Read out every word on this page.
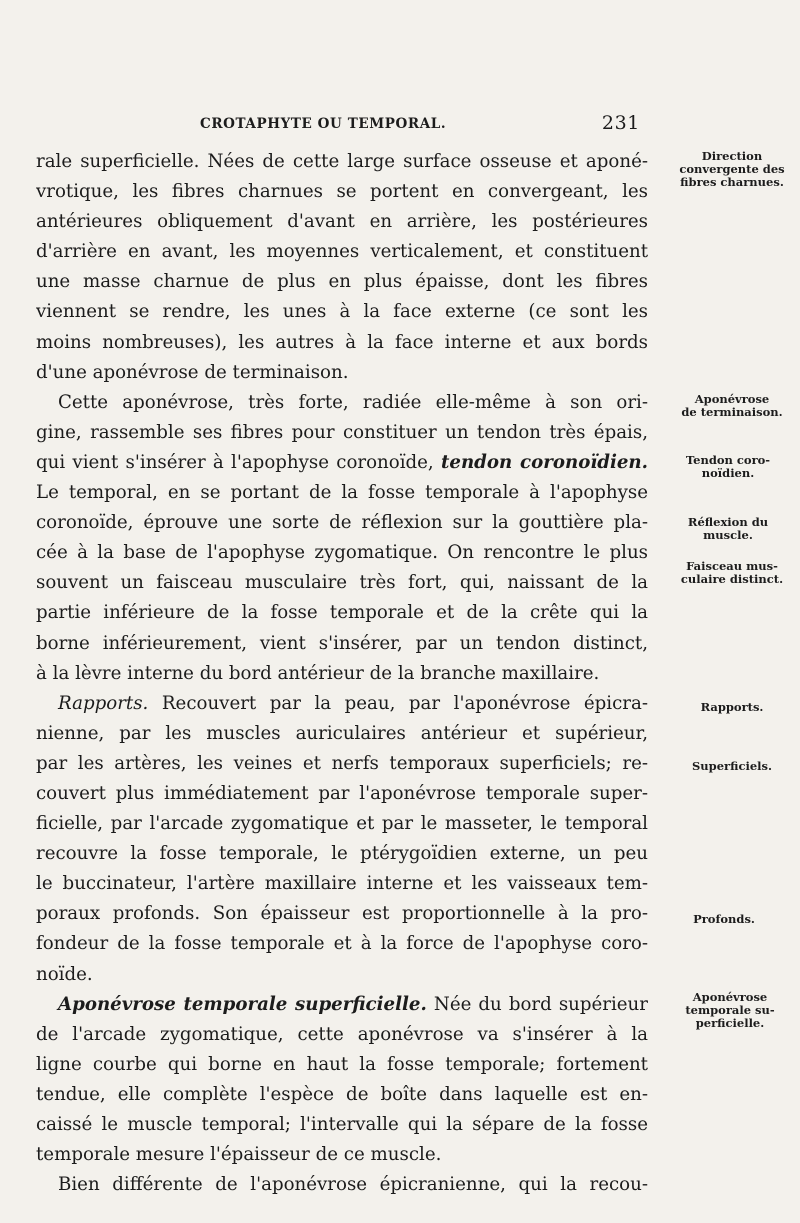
CROTAPHYTE OU TEMPORAL.	231
rale superficielle. Nées de cette large surface osseuse et aponé-
vrotique, les fibres charnues se portent en convergeant, les
antérieures obliquement d'avant en arrière, les postérieures
d'arrière en avant, les moyennes verticalement, et constituent
une masse charnue de plus en plus épaisse, dont les fibres
viennent se rendre, les unes à la face externe (ce sont les
moins nombreuses), les autres à la face interne et aux bords
d'une aponévrose de terminaison.
Cette aponévrose, très forte, radiée elle-même à son ori-
gine, rassemble ses fibres pour constituer un tendon très épais,
qui vient s'insérer à l'apophyse coronoïde, tendon coronoïdien.
Le temporal, en se portant de la fosse temporale à l'apophyse
coronoïde, éprouve une sorte de réflexion sur la gouttière pla-
cée à la base de l'apophyse zygomatique. On rencontre le plus
souvent un faisceau musculaire très fort, qui, naissant de la
partie inférieure de la fosse temporale et de la crête qui la
borne inférieurement, vient s'insérer, par un tendon distinct,
à la lèvre interne du bord antérieur de la branche maxillaire.
Rapports. Recouvert par la peau, par l'aponévrose épicra-
nienne, par les muscles auriculaires antérieur et supérieur,
par les artères, les veines et nerfs temporaux superficiels; re-
couvert plus immédiatement par l'aponévrose temporale super-
ficielle, par l'arcade zygomatique et par le masseter, le temporal
recouvre la fosse temporale, le ptérygoïdien externe, un peu
le buccinateur, l'artère maxillaire interne et les vaisseaux tem-
poraux profonds. Son épaisseur est proportionnelle à la pro-
fondeur de la fosse temporale et à la force de l'apophyse coro-
noïde.
Aponévrose temporale superficielle. Née du bord supérieur
de l'arcade zygomatique, cette aponévrose va s'insérer à la
ligne courbe qui borne en haut la fosse temporale; fortement
tendue, elle complète l'espèce de boîte dans laquelle est en-
caissé le muscle temporal; l'intervalle qui la sépare de la fosse
temporale mesure l'épaisseur de ce muscle.
Bien différente de l'aponévrose épicranienne, qui la recou-
Direction
convergente des
fibres charnues.
Aponévrose
de terminaison.
Tendon coro-
noïdien.
Réflexion du
muscle.
Faisceau mus-
culaire distinct.
Rapports.
Superficiels.
Profonds.
Aponévrose
temporale su-
perficielle.
